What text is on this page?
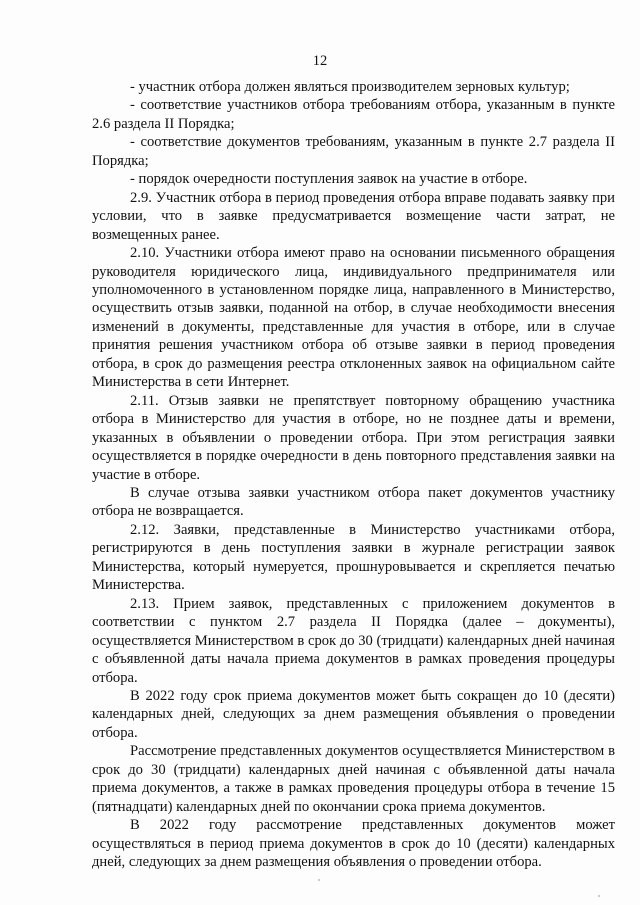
12

- участник отбора должен являться производителем зерновых культур;

- соответствие участников отбора требованиям отбора, указанным в пункте 2.6 раздела II Порядка;

- соответствие документов требованиям, указанным в пункте 2.7 раздела II Порядка;

- порядок очередности поступления заявок на участие в отборе.

2.9. Участник отбора в период проведения отбора вправе подавать заявку при условии, что в заявке предусматривается возмещение части затрат, не возмещенных ранее.

2.10. Участники отбора имеют право на основании письменного обращения руководителя юридического лица, индивидуального предпринимателя или уполномоченного в установленном порядке лица, направленного в Министерство, осуществить отзыв заявки, поданной на отбор, в случае необходимости внесения изменений в документы, представленные для участия в отборе, или в случае принятия решения участником отбора об отзыве заявки в период проведения отбора, в срок до размещения реестра отклоненных заявок на официальном сайте Министерства в сети Интернет.

2.11. Отзыв заявки не препятствует повторному обращению участника отбора в Министерство для участия в отборе, но не позднее даты и времени, указанных в объявлении о проведении отбора. При этом регистрация заявки осуществляется в порядке очередности в день повторного представления заявки на участие в отборе.

В случае отзыва заявки участником отбора пакет документов участнику отбора не возвращается.

2.12. Заявки, представленные в Министерство участниками отбора, регистрируются в день поступления заявки в журнале регистрации заявок Министерства, который нумеруется, прошнуровывается и скрепляется печатью Министерства.

2.13. Прием заявок, представленных с приложением документов в соответствии с пунктом 2.7 раздела II Порядка (далее – документы), осуществляется Министерством в срок до 30 (тридцати) календарных дней начиная с объявленной даты начала приема документов в рамках проведения процедуры отбора.

В 2022 году срок приема документов может быть сокращен до 10 (десяти) календарных дней, следующих за днем размещения объявления о проведении отбора.

Рассмотрение представленных документов осуществляется Министерством в срок до 30 (тридцати) календарных дней начиная с объявленной даты начала приема документов, а также в рамках проведения процедуры отбора в течение 15 (пятнадцати) календарных дней по окончании срока приема документов.

В 2022 году рассмотрение представленных документов может осуществляться в период приема документов в срок до 10 (десяти) календарных дней, следующих за днем размещения объявления о проведении отбора.
